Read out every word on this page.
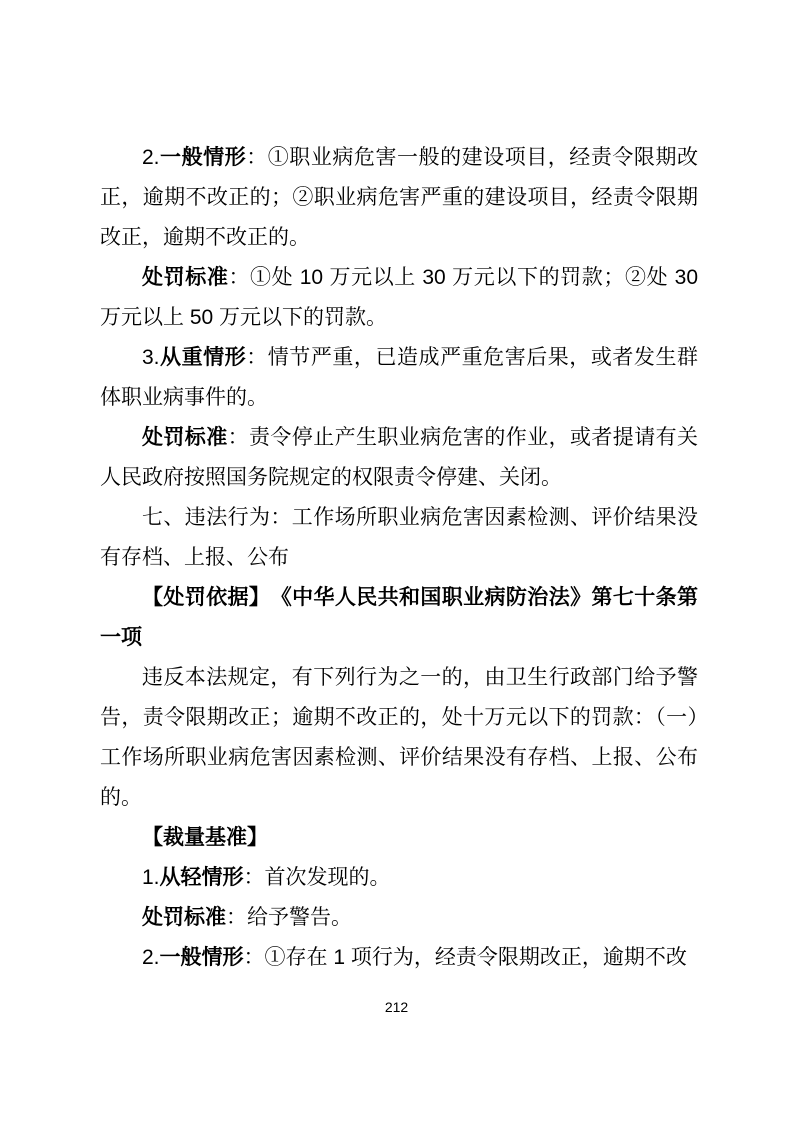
2.一般情形：①职业病危害一般的建设项目，经责令限期改正，逾期不改正的；②职业病危害严重的建设项目，经责令限期改正，逾期不改正的。

处罚标准：①处 10 万元以上 30 万元以下的罚款；②处 30 万元以上 50 万元以下的罚款。

3.从重情形：情节严重，已造成严重危害后果，或者发生群体职业病事件的。

处罚标准：责令停止产生职业病危害的作业，或者提请有关人民政府按照国务院规定的权限责令停建、关闭。

七、违法行为：工作场所职业病危害因素检测、评价结果没有存档、上报、公布

【处罚依据】　《中华人民共和国职业病防治法》第七十条第一项

违反本法规定，有下列行为之一的，由卫生行政部门给予警告，责令限期改正；逾期不改正的，处十万元以下的罚款：（一）工作场所职业病危害因素检测、评价结果没有存档、上报、公布的。

【裁量基准】

1.从轻情形：首次发现的。

处罚标准：给予警告。

2.一般情形：①存在 1 项行为，经责令限期改正，逾期不改

212
